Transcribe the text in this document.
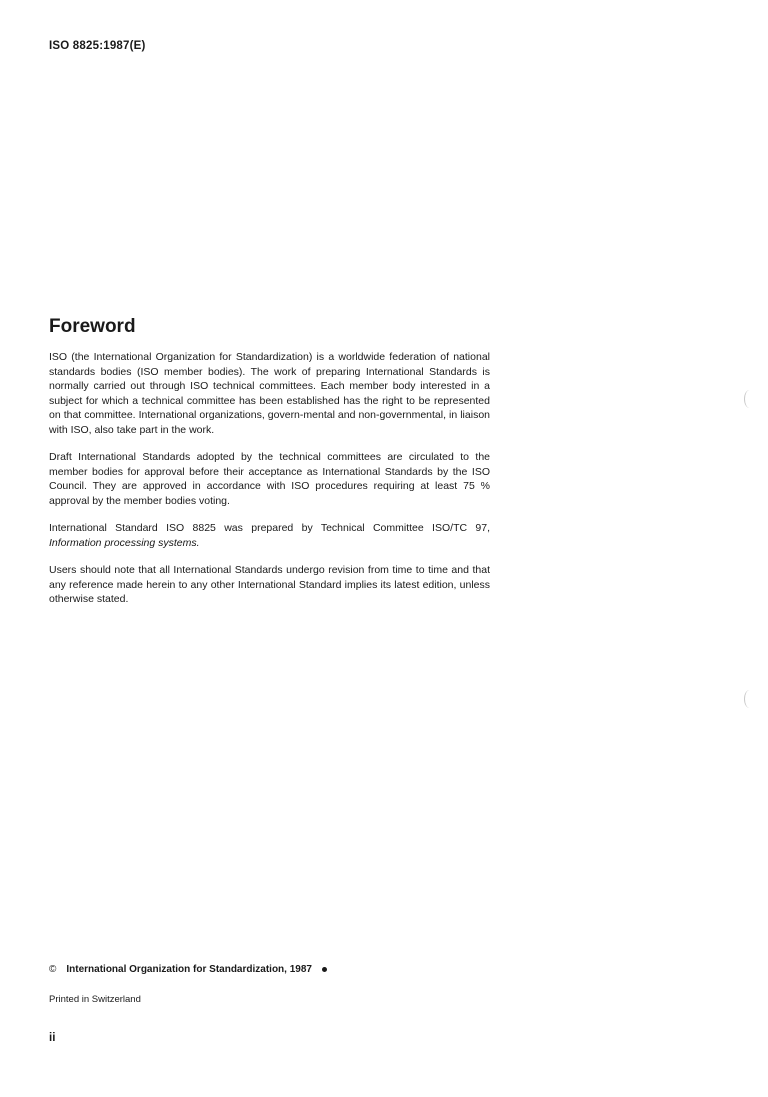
ISO 8825:1987(E)
Foreword

ISO (the International Organization for Standardization) is a worldwide federation of national standards bodies (ISO member bodies). The work of preparing International Standards is normally carried out through ISO technical committees. Each member body interested in a subject for which a technical committee has been established has the right to be represented on that committee. International organizations, govern-mental and non-governmental, in liaison with ISO, also take part in the work.

Draft International Standards adopted by the technical committees are circulated to the member bodies for approval before their acceptance as International Standards by the ISO Council. They are approved in accordance with ISO procedures requiring at least 75 % approval by the member bodies voting.

International Standard ISO 8825 was prepared by Technical Committee ISO/TC 97, Information processing systems.

Users should note that all International Standards undergo revision from time to time and that any reference made herein to any other International Standard implies its latest edition, unless otherwise stated.

© International Organization for Standardization, 1987
Printed in Switzerland
ii
